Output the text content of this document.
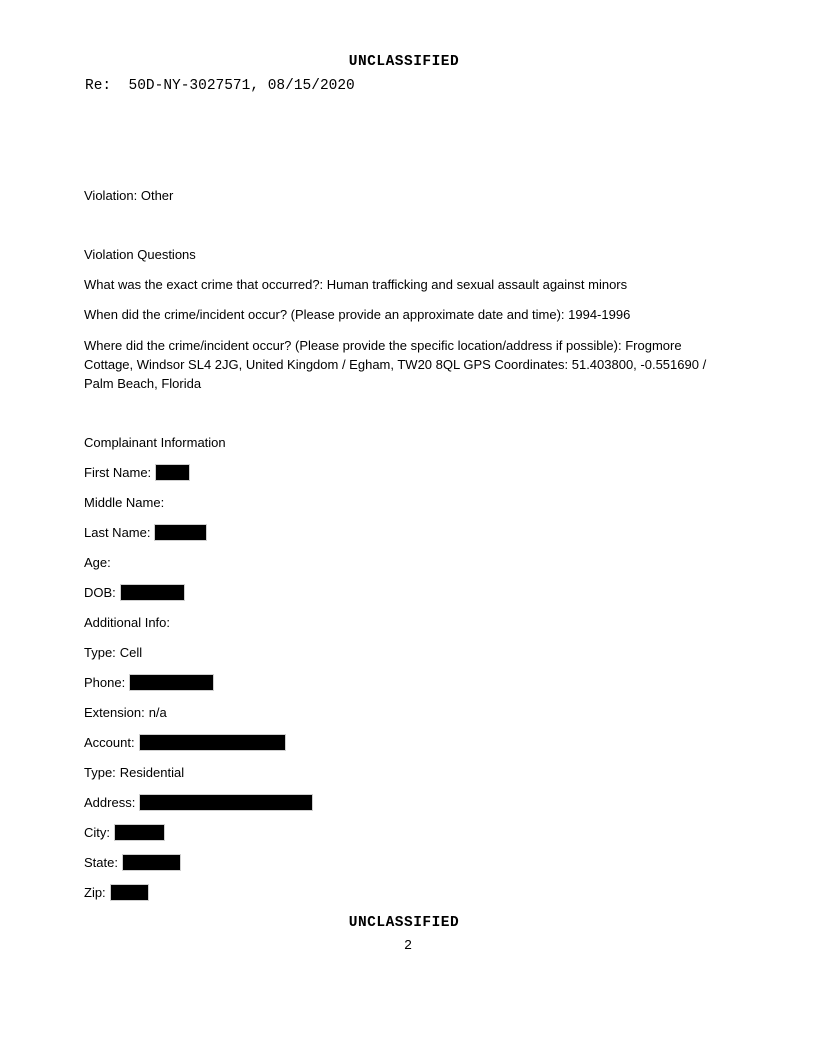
UNCLASSIFIED
Re:  50D-NY-3027571, 08/15/2020

Violation: Other

Violation Questions

What was the exact crime that occurred?: Human trafficking and sexual assault against minors

When did the crime/incident occur? (Please provide an approximate date and time): 1994-1996

Where did the crime/incident occur? (Please provide the specific location/address if possible): Frogmore
Cottage, Windsor SL4 2JG, United Kingdom / Egham, TW20 8QL GPS Coordinates: 51.403800, -0.551690 /
Palm Beach, Florida

Complainant Information

First Name:

Middle Name:

Last Name:

Age:

DOB:

Additional Info:

Type: Cell

Phone:

Extension: n/a

Account:

Type: Residential

Address:

City:

State:

Zip:

UNCLASSIFIED
2
